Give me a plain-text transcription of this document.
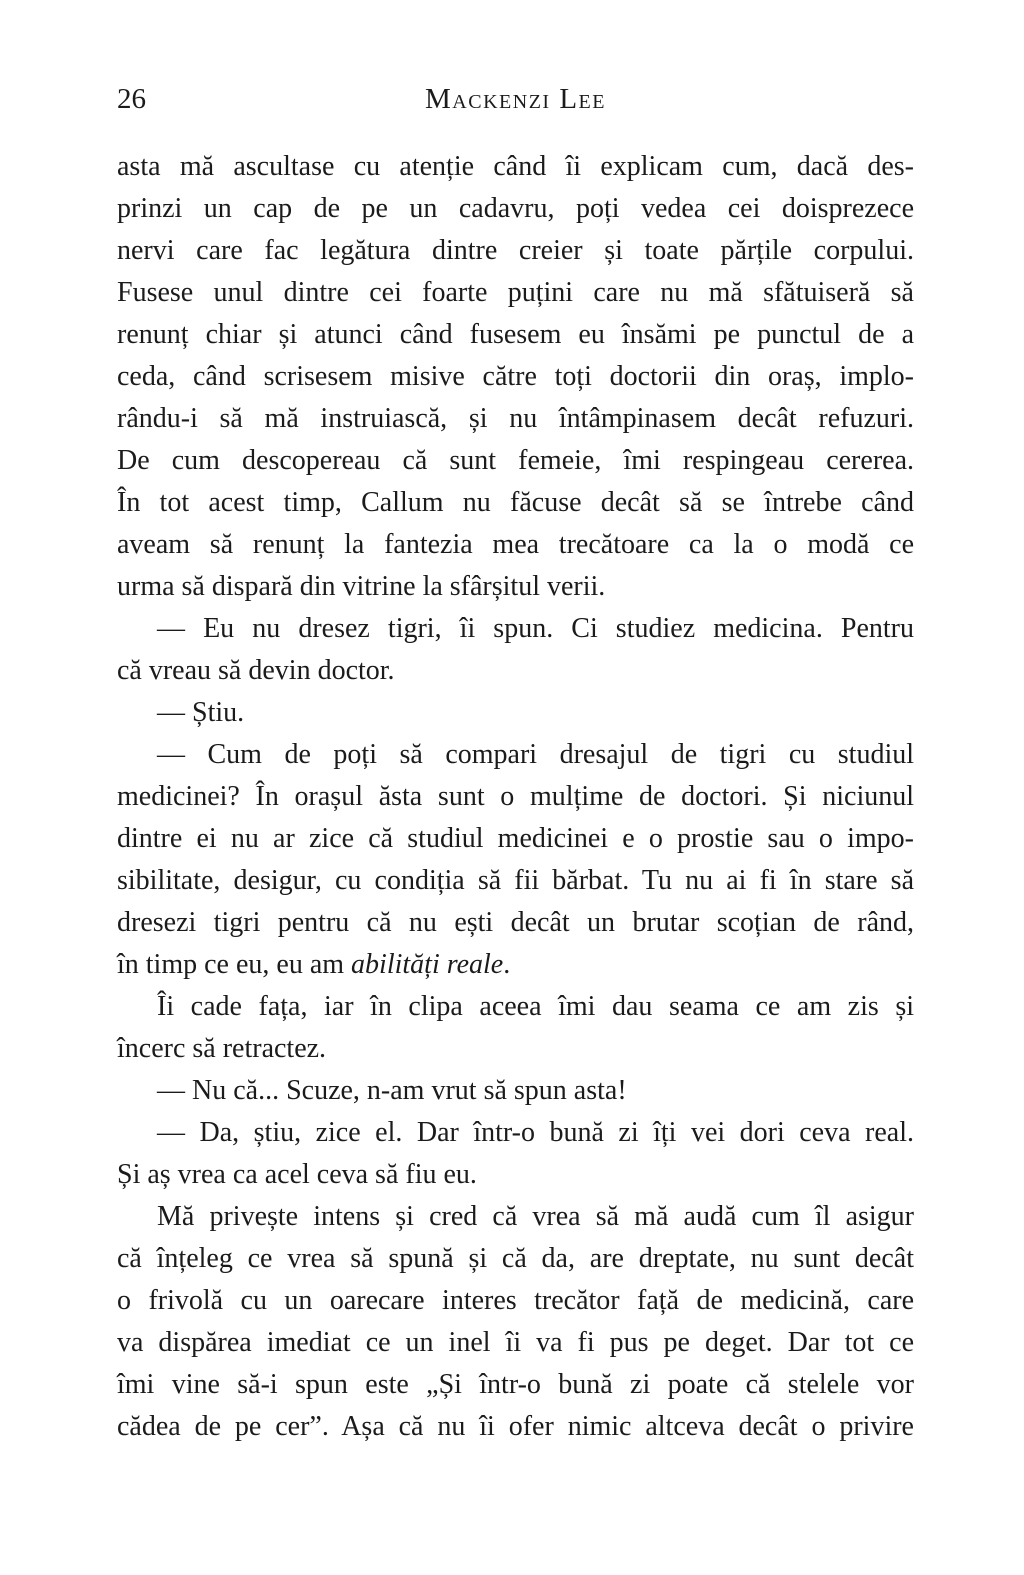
26	Mackenzi Lee
asta mă ascultase cu atenție când îi explicam cum, dacă des-
prinzi un cap de pe un cadavru, poți vedea cei doisprezece
nervi care fac legătura dintre creier și toate părțile corpului.
Fusese unul dintre cei foarte puțini care nu mă sfătuiseră să
renunț chiar și atunci când fusesem eu însămi pe punctul de a
ceda, când scrisesem misive către toți doctorii din oraș, implo-
rându-i să mă instruiască, și nu întâmpinasem decât refuzuri.
De cum descopereau că sunt femeie, îmi respingeau cererea.
În tot acest timp, Callum nu făcuse decât să se întrebe când
aveam să renunț la fantezia mea trecătoare ca la o modă ce
urma să dispară din vitrine la sfârșitul verii.
— Eu nu dresez tigri, îi spun. Ci studiez medicina. Pentru
că vreau să devin doctor.
— Știu.
— Cum de poți să compari dresajul de tigri cu studiul
medicinei? În orașul ăsta sunt o mulțime de doctori. Și niciunul
dintre ei nu ar zice că studiul medicinei e o prostie sau o impo-
sibilitate, desigur, cu condiția să fii bărbat. Tu nu ai fi în stare să
dresezi tigri pentru că nu ești decât un brutar scoțian de rând,
în timp ce eu, eu am abilități reale.
Îi cade fața, iar în clipa aceea îmi dau seama ce am zis și
încerc să retractez.
— Nu că... Scuze, n-am vrut să spun asta!
— Da, știu, zice el. Dar într-o bună zi îți vei dori ceva real.
Și aș vrea ca acel ceva să fiu eu.
Mă privește intens și cred că vrea să mă audă cum îl asigur
că înțeleg ce vrea să spună și că da, are dreptate, nu sunt decât
o frivolă cu un oarecare interes trecător față de medicină, care
va dispărea imediat ce un inel îi va fi pus pe deget. Dar tot ce
îmi vine să-i spun este „Și într-o bună zi poate că stelele vor
cădea de pe cer”. Așa că nu îi ofer nimic altceva decât o privire
